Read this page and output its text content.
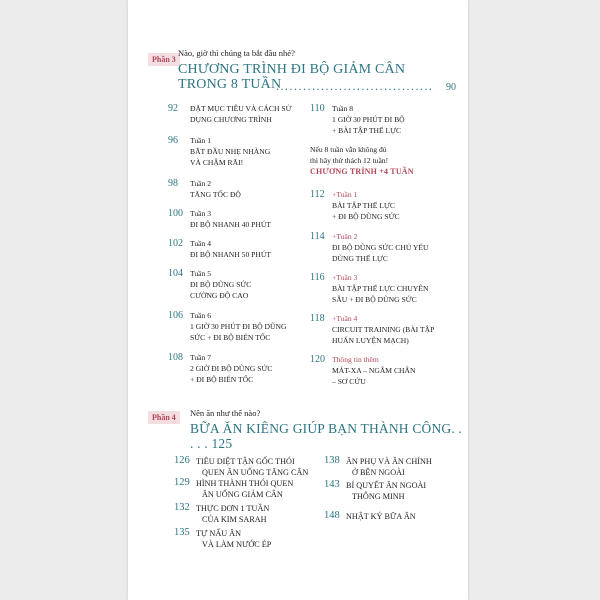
Phần 3
Nào, giờ thì chúng ta bắt đầu nhé?
CHƯƠNG TRÌNH ĐI BỘ GIẢM CÂN
TRONG 8 TUẦN
................................... 90
92 ĐẶT MỤC TIÊU VÀ CÁCH SỬ
DỤNG CHƯƠNG TRÌNH
96 Tuần 1
BẮT ĐẦU NHẸ NHÀNG
VÀ CHẬM RÃI!
98 Tuần 2
TĂNG TỐC ĐỘ
100 Tuần 3
ĐI BỘ NHANH 40 PHÚT
102 Tuần 4
ĐI BỘ NHANH 50 PHÚT
104 Tuần 5
ĐI BỘ DŨNG SỨC
CƯỜNG ĐỘ CAO
106 Tuần 6
1 GIỜ 30 PHÚT ĐI BỘ DŨNG
SỨC + ĐI BỘ BIẾN TỐC
108 Tuần 7
2 GIỜ ĐI BỘ DŨNG SỨC
+ ĐI BỘ BIẾN TỐC
110 Tuần 8
1 GIỜ 30 PHÚT ĐI BỘ
+ BÀI TẬP THỂ LỰC
Nếu 8 tuần vẫn không đủ
thì hãy thử thách 12 tuần!
CHƯƠNG TRÌNH +4 TUẦN
112 +Tuần 1
BÀI TẬP THỂ LỰC
+ ĐI BỘ DŨNG SỨC
114 +Tuần 2
ĐI BỘ DŨNG SỨC CHỦ YẾU
DÙNG THỂ LỰC
116 +Tuần 3
BÀI TẬP THỂ LỰC CHUYÊN
SÂU + ĐI BỘ DŨNG SỨC
118 +Tuần 4
CIRCUIT TRAINING (BÀI TẬP
HUẤN LUYỆN MẠCH)
120 Thông tin thêm
MÁT-XA – NGÂM CHÂN
– SƠ CỨU
Phần 4	Nên ăn như thế nào?
BỮA ĂN KIÊNG GIÚP BẠN THÀNH CÔNG. . . . . 125
126 TIÊU DIỆT TẬN GỐC THÓI
QUEN ĂN UỐNG TĂNG CÂN
129 HÌNH THÀNH THÓI QUEN
ĂN UỐNG GIẢM CÂN
132 THỰC ĐƠN 1 TUẦN
CỦA KIM SARAH
135 TỰ NẤU ĂN
VÀ LÀM NƯỚC ÉP
138 ĂN PHỤ VÀ ĂN CHÍNH
Ở BÊN NGOÀI
143 BÍ QUYẾT ĂN NGOÀI
THÔNG MINH
148 NHẬT KÝ BỮA ĂN
